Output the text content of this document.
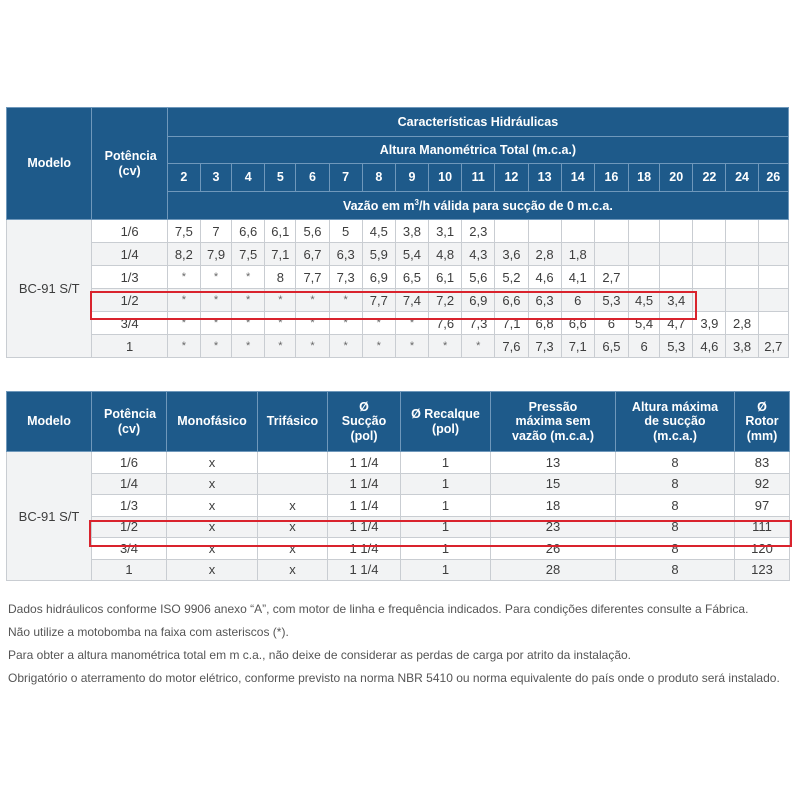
Modelo	Potência (cv)	Características Hidráulicas																		
		Altura Manométrica Total (m.c.a.)																		
		2	3	4	5	6	7	8	9	10	11	12	13	14	16	18	20	22	24	26
		Vazão em $m^3/h$ válida para sucção de 0 m.c.a.																		
BC-91 S/T	1/6	7,5	7	6,6	6,1	5,6	5	4,5	3,8	3,1	2,3									
	1/4	8,2	7,9	7,5	7,1	6,7	6,3	5,9	5,4	4,8	4,3	3,6	2,8	1,8						
	1/3	*	*	*	8	7,7	7,3	6,9	6,5	6,1	5,6	5,2	4,6	4,1	2,7					
	1/2	*	*	*	*	*	*	7,7	7,4	7,2	6,9	6,6	6,3	6	5,3	4,5	3,4			
	3/4	*	*	*	*	*	*	*	*	7,6	7,3	7,1	6,8	6,6	6	5,4	4,7	3,9	2,8	
	1	*	*	*	*	*	*	*	*	*	*	7,6	7,3	7,1	6,5	6	5,3	4,6	3,8	2,7
Modelo	Potência (cv)	Monofásico	Trifásico	Ø Sucção (pol)	Ø Recalque (pol)	Pressão máxima sem vazão (m.c.a.)	Altura máxima de sucção (m.c.a.)	Ø Rotor (mm)

BC-91 S/T	1/6	x		1 1/4	1	13	8	83
	1/4	x		1 1/4	1	15	8	92
	1/3	x	x	1 1/4	1	18	8	97
	1/2	x	x	1 1/4	1	23	8	111
	3/4	x	x	1 1/4	1	26	8	120
	1	x	x	1 1/4	1	28	8	123

Dados hidráulicos conforme ISO 9906 anexo “A”, com motor de linha e frequência indicados. Para condições diferentes consulte a Fábrica.

Não utilize a motobomba na faixa com asteriscos (*).

Para obter a altura manométrica total em m c.a., não deixe de considerar as perdas de carga por atrito da instalação.

Obrigatório o aterramento do motor elétrico, conforme previsto na norma NBR 5410 ou norma equivalente do país onde o produto será instalado.
